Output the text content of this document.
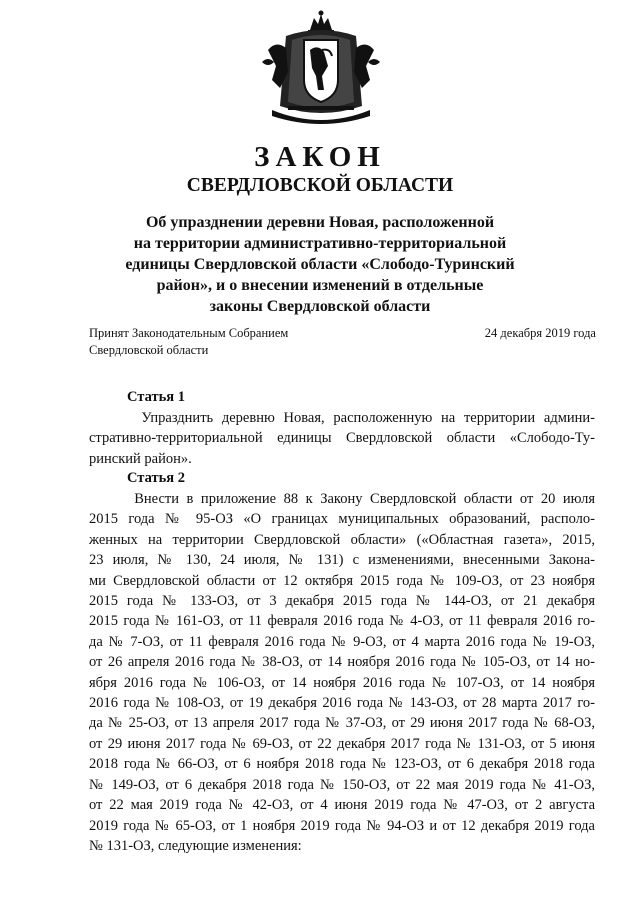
ЗАКОН
СВЕРДЛОВСКОЙ ОБЛАСТИ

Об упразднении деревни Новая, расположенной
на территории административно-территориальной
единицы Свердловской области «Слободо-Туринский
район», и о внесении изменений в отдельные
законы Свердловской области

Принят Законодательным Собранием
Свердловской области
24 декабря 2019 года
Статья 1

Упразднить деревню Новая, расположенную на территории админи-
стративно-территориальной единицы Свердловской области «Слободо-Ту-
ринский район».

Статья 2

Внести в приложение 88 к Закону Свердловской области от 20 июля
2015 года № 95-ОЗ «О границах муниципальных образований, располо-
женных на территории Свердловской области» («Областная газета», 2015,
23 июля, № 130, 24 июля, № 131) с изменениями, внесенными Закона-
ми Свердловской области от 12 октября 2015 года № 109-ОЗ, от 23 ноября
2015 года № 133-ОЗ, от 3 декабря 2015 года № 144-ОЗ, от 21 декабря
2015 года № 161-ОЗ, от 11 февраля 2016 года № 4-ОЗ, от 11 февраля 2016 го-
да № 7-ОЗ, от 11 февраля 2016 года № 9-ОЗ, от 4 марта 2016 года № 19-ОЗ,
от 26 апреля 2016 года № 38-ОЗ, от 14 ноября 2016 года № 105-ОЗ, от 14 но-
ября 2016 года № 106-ОЗ, от 14 ноября 2016 года № 107-ОЗ, от 14 ноября
2016 года № 108-ОЗ, от 19 декабря 2016 года № 143-ОЗ, от 28 марта 2017 го-
да № 25-ОЗ, от 13 апреля 2017 года № 37-ОЗ, от 29 июня 2017 года № 68-ОЗ,
от 29 июня 2017 года № 69-ОЗ, от 22 декабря 2017 года № 131-ОЗ, от 5 июня
2018 года № 66-ОЗ, от 6 ноября 2018 года № 123-ОЗ, от 6 декабря 2018 года
№ 149-ОЗ, от 6 декабря 2018 года № 150-ОЗ, от 22 мая 2019 года № 41-ОЗ,
от 22 мая 2019 года № 42-ОЗ, от 4 июня 2019 года № 47-ОЗ, от 2 августа
2019 года № 65-ОЗ, от 1 ноября 2019 года № 94-ОЗ и от 12 декабря 2019 года
№ 131-ОЗ, следующие изменения:
